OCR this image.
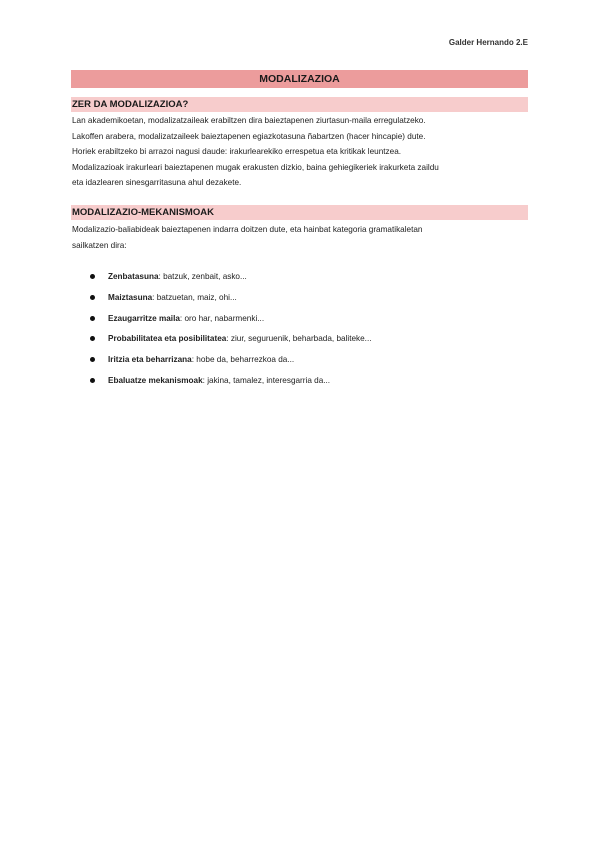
Galder Hernando 2.E
MODALIZAZIOA
ZER DA MODALIZAZIOA?
Lan akademikoetan, modalizatzaileak erabiltzen dira baieztapenen ziurtasun-maila erregulatzeko.
Lakoffen arabera, modalizatzaileek baieztapenen egiazkotasuna ñabartzen (hacer hincapie) dute.
Horiek erabiltzeko bi arrazoi nagusi daude: irakurlearekiko errespetua eta kritikak leuntzea.
Modalizazioak irakurleari baieztapenen mugak erakusten dizkio, baina gehiegikeriek irakurketa zaildu
eta idazlearen sinesgarritasuna ahul dezakete.
MODALIZAZIO-MEKANISMOAK
Modalizazio-baliabideak baieztapenen indarra doitzen dute, eta hainbat kategoria gramatikaletan
sailkatzen dira:
Zenbatasuna: batzuk, zenbait, asko...
Maiztasuna: batzuetan, maiz, ohi...
Ezaugarritze maila: oro har, nabarmenki...
Probabilitatea eta posibilitatea: ziur, seguruenik, beharbada, baliteke...
Iritzia eta beharrizana: hobe da, beharrezkoa da...
Ebaluatze mekanismoak: jakina, tamalez, interesgarria da...
